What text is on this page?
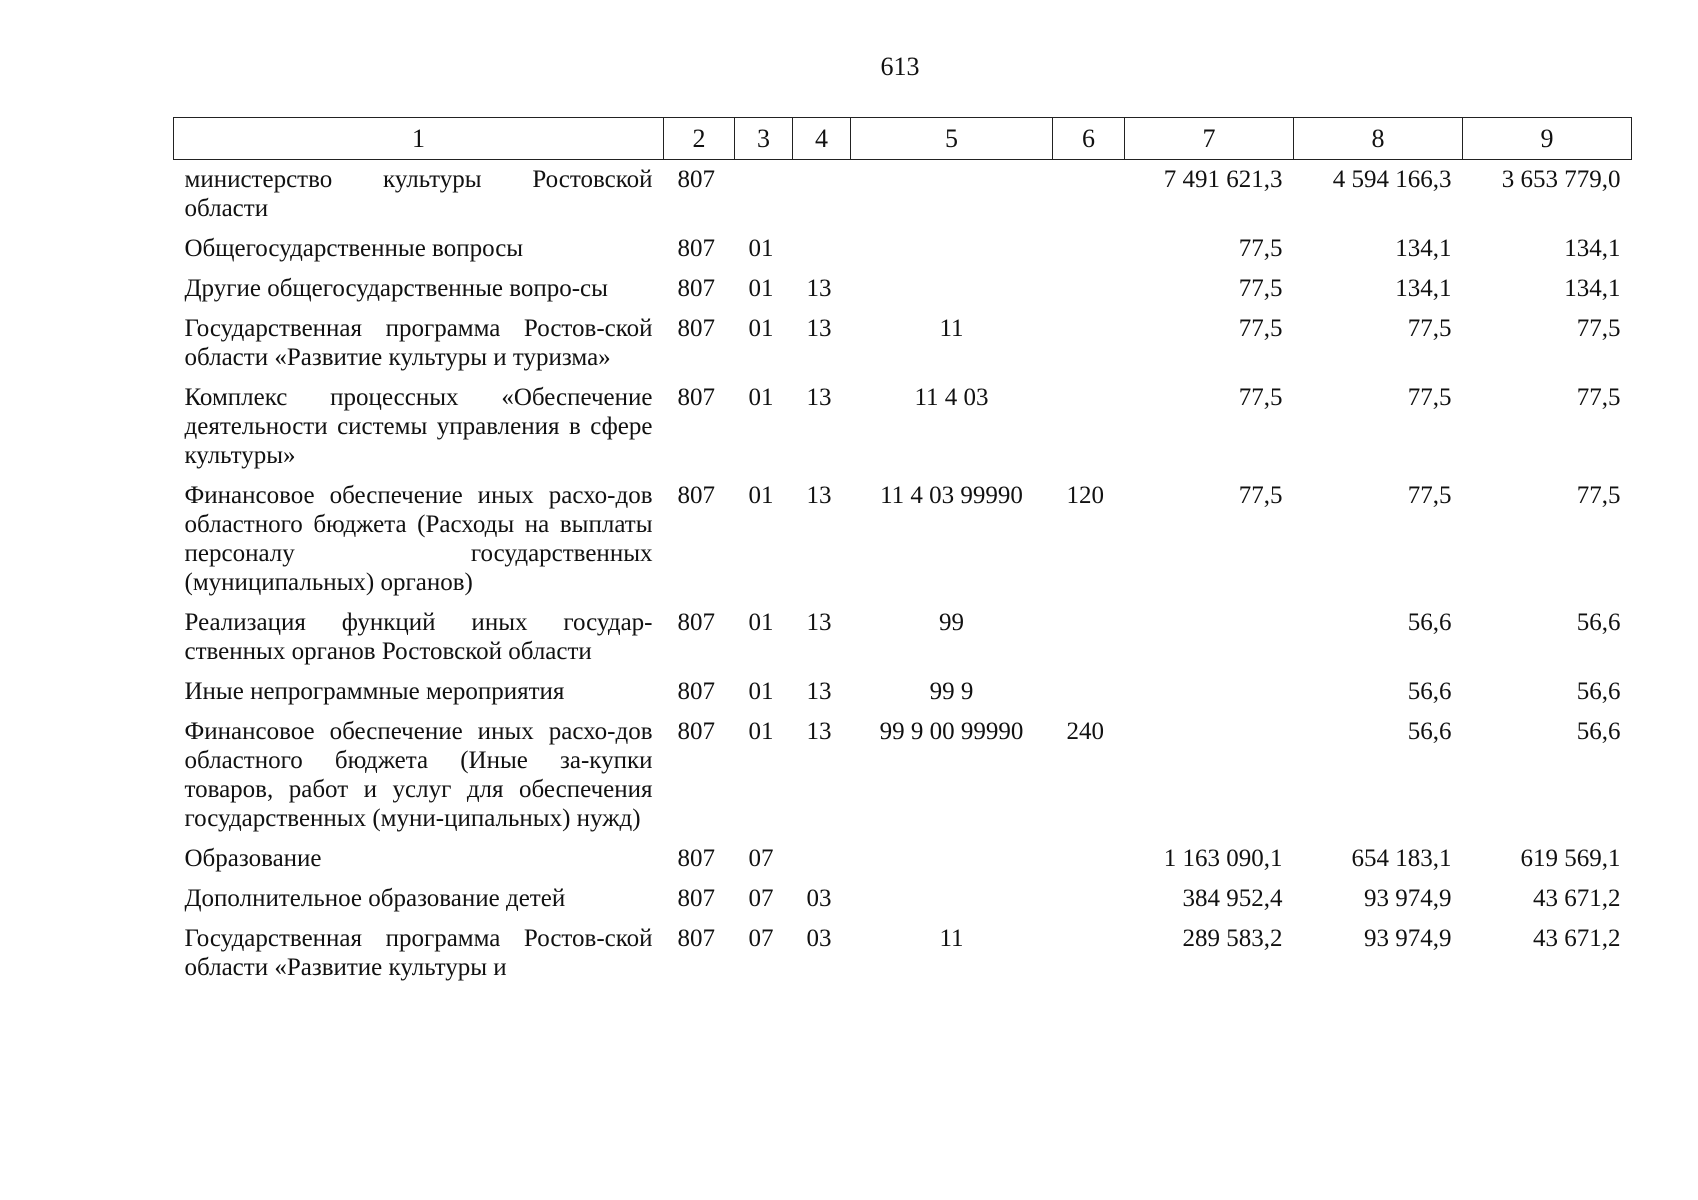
613
1	2	3	4	5	6	7	8	9
министерство культуры Ростовской области	807					7 491 621,3	4 594 166,3	3 653 779,0
Общегосударственные вопросы	807	01				77,5	134,1	134,1
Другие общегосударственные вопро-сы	807	01	13			77,5	134,1	134,1
Государственная программа Ростов-ской области «Развитие культуры и туризма»	807	01	13	11		77,5	77,5	77,5
Комплекс процессных «Обеспечение деятельности системы управления в сфере культуры»	807	01	13	11 4 03		77,5	77,5	77,5
Финансовое обеспечение иных расхо-дов областного бюджета (Расходы на выплаты персоналу государственных (муниципальных) органов)	807	01	13	11 4 03 99990	120	77,5	77,5	77,5
Реализация функций иных государ-ственных органов Ростовской области	807	01	13	99			56,6	56,6
Иные непрограммные мероприятия	807	01	13	99 9			56,6	56,6
Финансовое обеспечение иных расхо-дов областного бюджета (Иные за-купки товаров, работ и услуг для обеспечения государственных (муни-ципальных) нужд)	807	01	13	99 9 00 99990	240		56,6	56,6
Образование	807	07				1 163 090,1	654 183,1	619 569,1
Дополнительное образование детей	807	07	03			384 952,4	93 974,9	43 671,2
Государственная программа Ростов-ской области «Развитие культуры и	807	07	03	11		289 583,2	93 974,9	43 671,2
